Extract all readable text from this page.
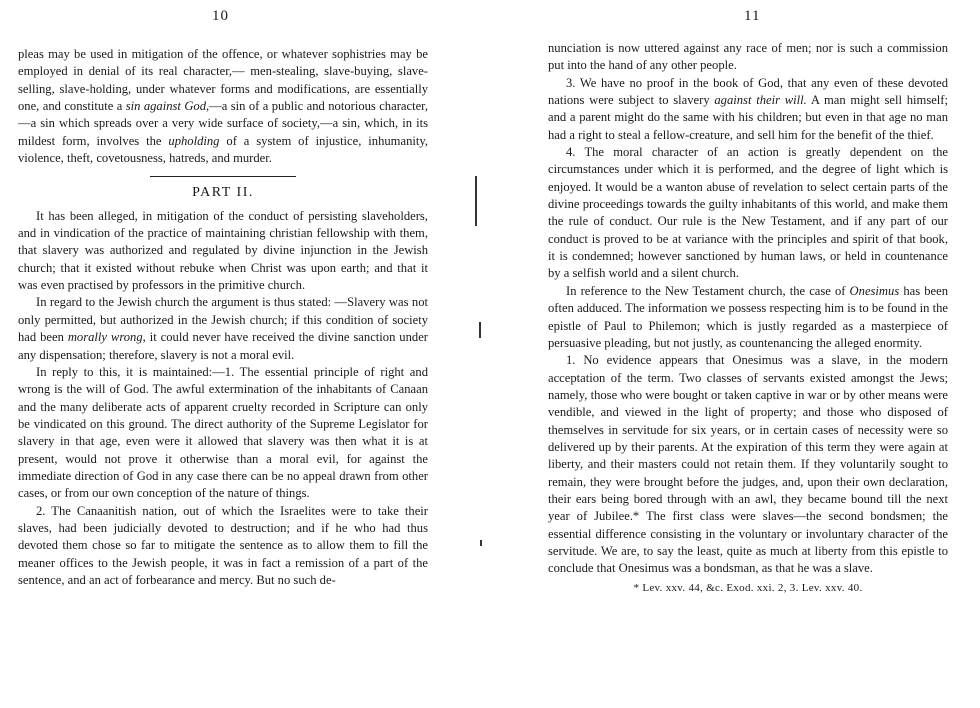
10

pleas may be used in mitigation of the offence, or whatever sophistries may be employed in denial of its real character,— men-stealing, slave-buying, slave-selling, slave-holding, under whatever forms and modifications, are essentially one, and constitute a sin against God,—a sin of a public and notorious character,—a sin which spreads over a very wide surface of society,—a sin, which, in its mildest form, involves the upholding of a system of injustice, inhumanity, violence, theft, covetousness, hatreds, and murder.

PART II.

It has been alleged, in mitigation of the conduct of persisting slaveholders, and in vindication of the practice of maintaining christian fellowship with them, that slavery was authorized and regulated by divine injunction in the Jewish church; that it existed without rebuke when Christ was upon earth; and that it was even practised by professors in the primitive church.

In regard to the Jewish church the argument is thus stated: —Slavery was not only permitted, but authorized in the Jewish church; if this condition of society had been morally wrong, it could never have received the divine sanction under any dispensation; therefore, slavery is not a moral evil.

In reply to this, it is maintained:—1. The essential principle of right and wrong is the will of God. The awful extermination of the inhabitants of Canaan and the many deliberate acts of apparent cruelty recorded in Scripture can only be vindicated on this ground. The direct authority of the Supreme Legislator for slavery in that age, even were it allowed that slavery was then what it is at present, would not prove it otherwise than a moral evil, for against the immediate direction of God in any case there can be no appeal drawn from other cases, or from our own conception of the nature of things.

2. The Canaanitish nation, out of which the Israelites were to take their slaves, had been judicially devoted to destruction; and if he who had thus devoted them chose so far to mitigate the sentence as to allow them to fill the meaner offices to the Jewish people, it was in fact a remission of a part of the sentence, and an act of forbearance and mercy. But no such de-

11

nunciation is now uttered against any race of men; nor is such a commission put into the hand of any other people.

3. We have no proof in the book of God, that any even of these devoted nations were subject to slavery against their will. A man might sell himself; and a parent might do the same with his children; but even in that age no man had a right to steal a fellow-creature, and sell him for the benefit of the thief.

4. The moral character of an action is greatly dependent on the circumstances under which it is performed, and the degree of light which is enjoyed. It would be a wanton abuse of revelation to select certain parts of the divine proceedings towards the guilty inhabitants of this world, and make them the rule of conduct. Our rule is the New Testament, and if any part of our conduct is proved to be at variance with the principles and spirit of that book, it is condemned; however sanctioned by human laws, or held in countenance by a selfish world and a silent church.

In reference to the New Testament church, the case of Onesimus has been often adduced. The information we possess respecting him is to be found in the epistle of Paul to Philemon; which is justly regarded as a masterpiece of persuasive pleading, but not justly, as countenancing the alleged enormity.

1. No evidence appears that Onesimus was a slave, in the modern acceptation of the term. Two classes of servants existed amongst the Jews; namely, those who were bought or taken captive in war or by other means were vendible, and viewed in the light of property; and those who disposed of themselves in servitude for six years, or in certain cases of necessity were so delivered up by their parents. At the expiration of this term they were again at liberty, and their masters could not retain them. If they voluntarily sought to remain, they were brought before the judges, and, upon their own declaration, their ears being bored through with an awl, they became bound till the next year of Jubilee.* The first class were slaves—the second bondsmen; the essential difference consisting in the voluntary or involuntary character of the servitude. We are, to say the least, quite as much at liberty from this epistle to conclude that Onesimus was a bondsman, as that he was a slave.

* Lev. xxv. 44, &c. Exod. xxi. 2, 3. Lev. xxv. 40.
